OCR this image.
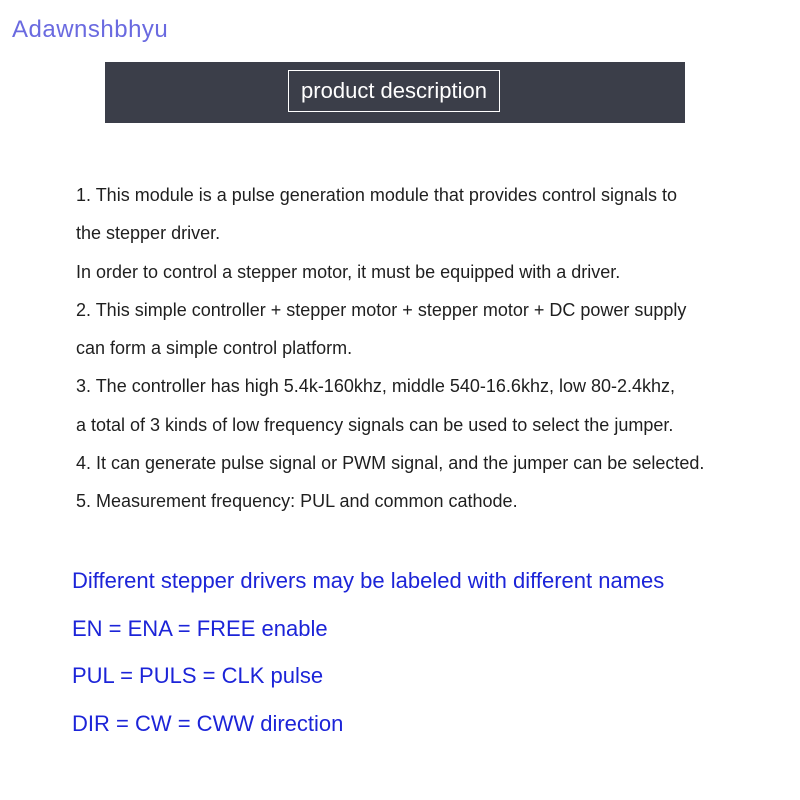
Adawnshbhyu
product description
1. This module is a pulse generation module that provides control signals to
the stepper driver.
In order to control a stepper motor, it must be equipped with a driver.
2. This simple controller + stepper motor + stepper motor + DC power supply
can form a simple control platform.
3. The controller has high 5.4k-160khz, middle 540-16.6khz, low 80-2.4khz,
a total of 3 kinds of low frequency signals can be used to select the jumper.
4. It can generate pulse signal or PWM signal, and the jumper can be selected.
5. Measurement frequency: PUL and common cathode.
Different stepper drivers may be labeled with different names
EN = ENA = FREE enable
PUL = PULS = CLK pulse
DIR = CW = CWW direction
